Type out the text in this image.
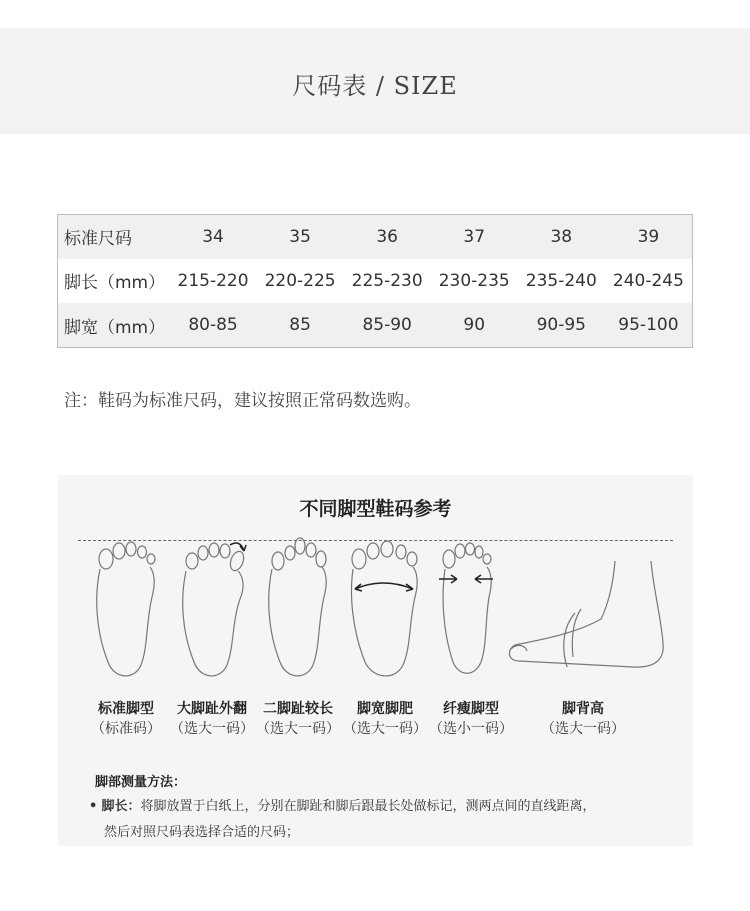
尺码表 / SIZE
标准尺码	34	35	36	37	38	39
脚长（mm）	215-220	220-225	225-230	230-235	235-240	240-245
脚宽（mm）	80-85	85	85-90	90	90-95	95-100
注：鞋码为标准尺码，建议按照正常码数选购。
不同脚型鞋码参考
标准脚型
（标准码）
大脚趾外翻
（选大一码）
二脚趾较长
（选大一码）
脚宽脚肥
（选大一码）
纤瘦脚型
（选小一码）
脚背高
（选大一码）
脚部测量方法：
• 脚长：将脚放置于白纸上，分别在脚趾和脚后跟最长处做标记，测两点间的直线距离，
然后对照尺码表选择合适的尺码；
